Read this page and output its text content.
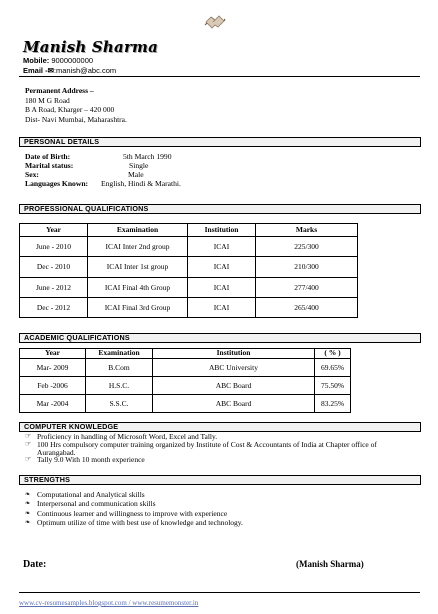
Manish Sharma
Mobile: 9000000000
Email -✉:manish@abc.com
Permanent Address –
180 M G Road
B A Road, Kharger – 420 000
Dist- Navi Mumbai, Maharashtra.
PERSONAL DETAILS
Date of Birth:	5th March 1990
Marital status:	Single
Sex:	Male
Languages Known:	English, Hindi & Marathi.
PROFESSIONAL QUALIFICATIONS
Year	Examination	Institution	Marks
June - 2010	ICAI Inter 2nd group	ICAI	225/300
Dec - 2010	ICAI Inter 1st group	ICAI	210/300
June - 2012	ICAI Final 4th Group	ICAI	277/400
Dec - 2012	ICAI Final 3rd Group	ICAI	265/400
ACADEMIC QUALIFICATIONS
Year	Examination	Institution	( % )
Mar- 2009	B.Com	ABC University	69.65%
Feb -2006	H.S.C.	ABC Board	75.50%
Mar -2004	S.S.C.	ABC Board	83.25%
COMPUTER KNOWLEDGE
☞ Proficiency in handling of Microsoft Word, Excel and Tally.
☞ 100 Hrs compulsory computer training organized by Institute of Cost & Accountants of India at Chapter office of Aurangabad.
☞ Tally 9.0 With 10 month experience
STRENGTHS
❧ Computational and Analytical skills
❧ Interpersonal and communication skills
❧ Continuous learner and willingness to improve with experience
❧ Optimum utilize of time with best use of knowledge and technology.
Date:	(Manish Sharma)
www.cv-resumesamples.blogspot.com / www.resumemonster.in
